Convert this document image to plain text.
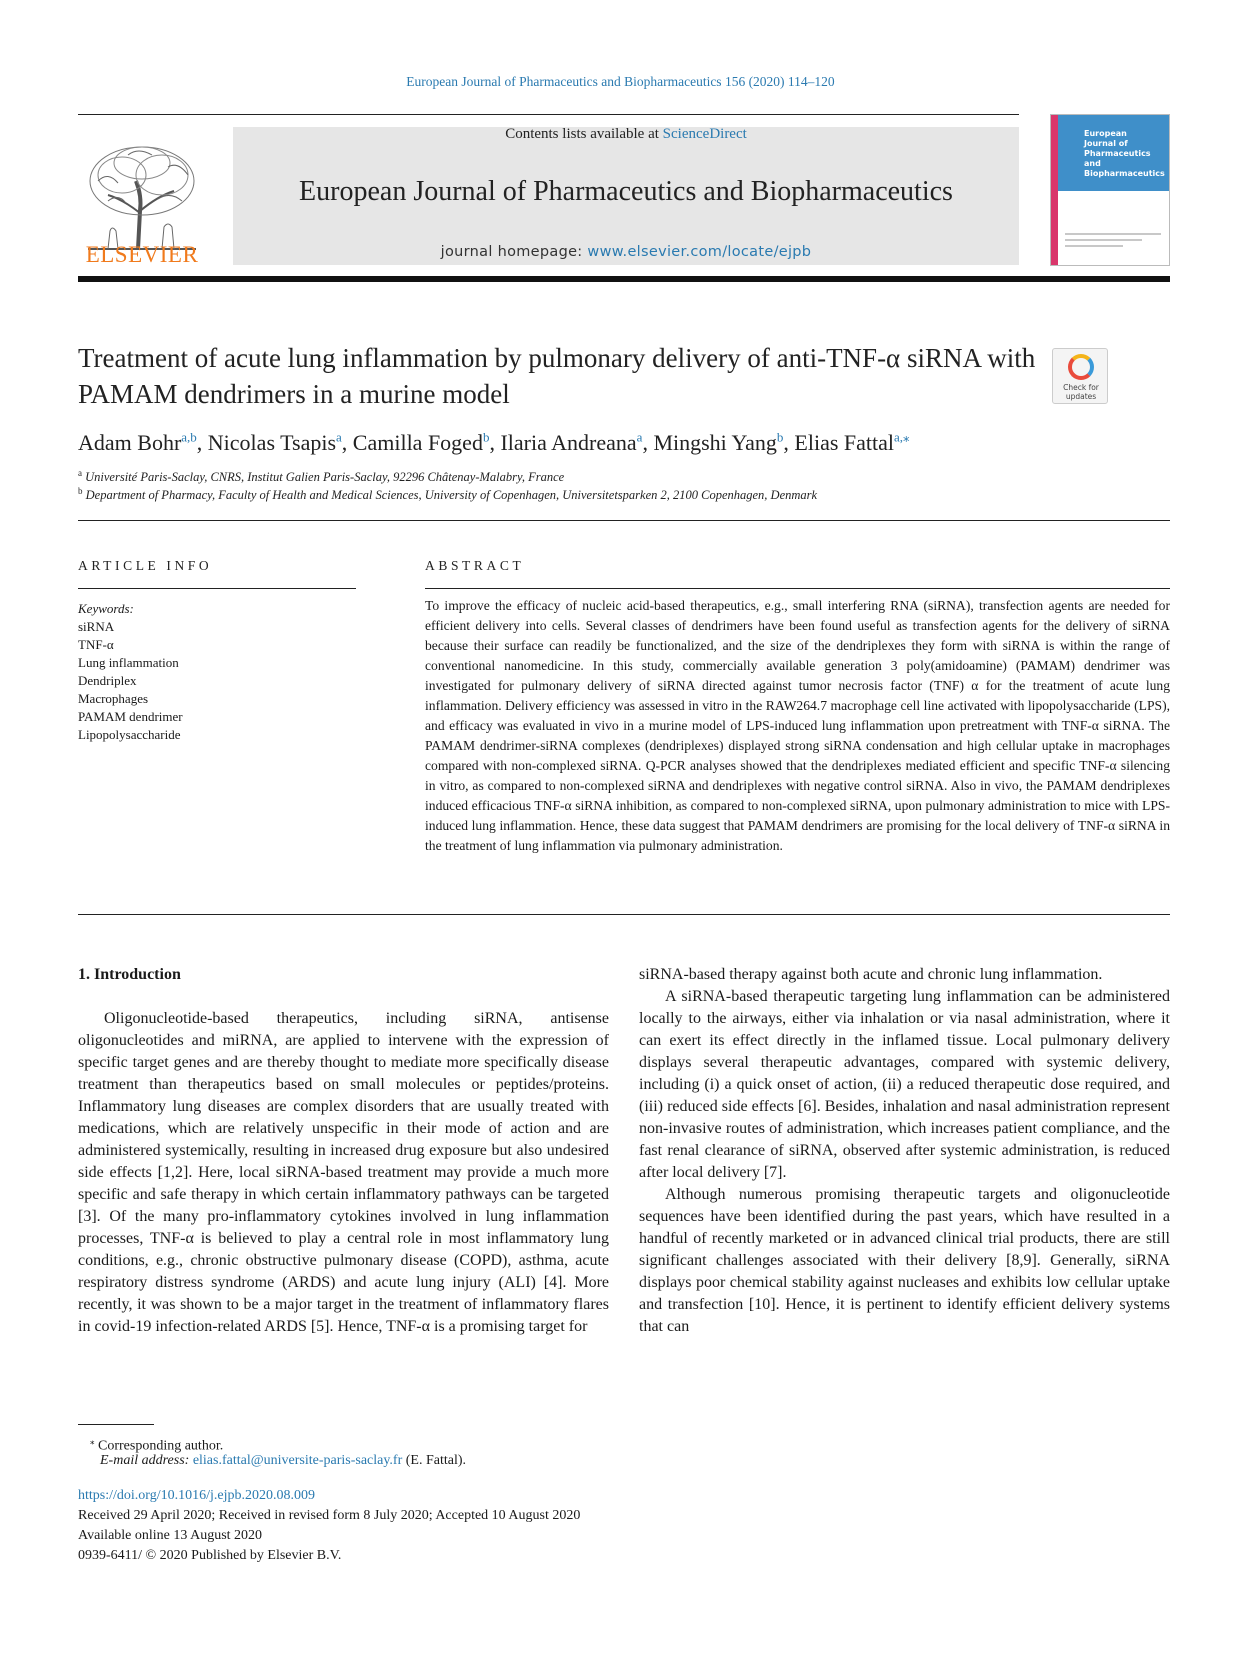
European Journal of Pharmaceutics and Biopharmaceutics 156 (2020) 114–120
ELSEVIER
Contents lists available at ScienceDirect
European Journal of Pharmaceutics and Biopharmaceutics
journal homepage: www.elsevier.com/locate/ejpb
European
Journal of
Pharmaceutics and
Biopharmaceutics
Treatment of acute lung inflammation by pulmonary delivery of anti-TNF-α siRNA with PAMAM dendrimers in a murine model	Check for
updates
Adam Bohr$^{a,b}$, Nicolas Tsapis$^a$, Camilla Foged$^b$, Ilaria Andreana$^a$, Mingshi Yang$^b$, Elias Fattal$^{a,⁎}$
$^a$ Université Paris-Saclay, CNRS, Institut Galien Paris-Saclay, 92296 Châtenay-Malabry, France
$^b$ Department of Pharmacy, Faculty of Health and Medical Sciences, University of Copenhagen, Universitetsparken 2, 2100 Copenhagen, Denmark
ARTICLE INFO	ABSTRACT
Keywords:
siRNA
TNF-α
Lung inflammation
Dendriplex
Macrophages
PAMAM dendrimer
Lipopolysaccharide

To improve the efficacy of nucleic acid-based therapeutics, e.g., small interfering RNA (siRNA), transfection agents are needed for efficient delivery into cells. Several classes of dendrimers have been found useful as transfection agents for the delivery of siRNA because their surface can readily be functionalized, and the size of the dendriplexes they form with siRNA is within the range of conventional nanomedicine. In this study, commercially available generation 3 poly(amidoamine) (PAMAM) dendrimer was investigated for pulmonary delivery of siRNA directed against tumor necrosis factor (TNF) α for the treatment of acute lung inflammation. Delivery efficiency was assessed in vitro in the RAW264.7 macrophage cell line activated with lipopolysaccharide (LPS), and efficacy was evaluated in vivo in a murine model of LPS-induced lung inflammation upon pretreatment with TNF-α siRNA. The PAMAM dendrimer-siRNA complexes (dendriplexes) displayed strong siRNA condensation and high cellular uptake in macrophages compared with non-complexed siRNA. Q-PCR analyses showed that the dendriplexes mediated efficient and specific TNF-α silencing in vitro, as compared to non-complexed siRNA and dendriplexes with negative control siRNA. Also in vivo, the PAMAM dendriplexes induced efficacious TNF-α siRNA inhibition, as compared to non-complexed siRNA, upon pulmonary administration to mice with LPS-induced lung inflammation. Hence, these data suggest that PAMAM dendrimers are promising for the local delivery of TNF-α siRNA in the treatment of lung inflammation via pulmonary administration.

1. Introduction

Oligonucleotide-based therapeutics, including siRNA, antisense oligonucleotides and miRNA, are applied to intervene with the expression of specific target genes and are thereby thought to mediate more specifically disease treatment than therapeutics based on small molecules or peptides/proteins. Inflammatory lung diseases are complex disorders that are usually treated with medications, which are relatively unspecific in their mode of action and are administered systemically, resulting in increased drug exposure but also undesired side effects [1,2]. Here, local siRNA-based treatment may provide a much more specific and safe therapy in which certain inflammatory pathways can be targeted [3]. Of the many pro-inflammatory cytokines involved in lung inflammation processes, TNF-α is believed to play a central role in most inflammatory lung conditions, e.g., chronic obstructive pulmonary disease (COPD), asthma, acute respiratory distress syndrome (ARDS) and acute lung injury (ALI) [4]. More recently, it was shown to be a major target in the treatment of inflammatory flares in covid-19 infection-related ARDS [5]. Hence, TNF-α is a promising target for

siRNA-based therapy against both acute and chronic lung inflammation.

A siRNA-based therapeutic targeting lung inflammation can be administered locally to the airways, either via inhalation or via nasal administration, where it can exert its effect directly in the inflamed tissue. Local pulmonary delivery displays several therapeutic advantages, compared with systemic delivery, including (i) a quick onset of action, (ii) a reduced therapeutic dose required, and (iii) reduced side effects [6]. Besides, inhalation and nasal administration represent non-invasive routes of administration, which increases patient compliance, and the fast renal clearance of siRNA, observed after systemic administration, is reduced after local delivery [7].

Although numerous promising therapeutic targets and oligonucleotide sequences have been identified during the past years, which have resulted in a handful of recently marketed or in advanced clinical trial products, there are still significant challenges associated with their delivery [8,9]. Generally, siRNA displays poor chemical stability against nucleases and exhibits low cellular uptake and transfection [10]. Hence, it is pertinent to identify efficient delivery systems that can

⁎ Corresponding author.
E-mail address: elias.fattal@universite-paris-saclay.fr (E. Fattal).
https://doi.org/10.1016/j.ejpb.2020.08.009
Received 29 April 2020; Received in revised form 8 July 2020; Accepted 10 August 2020
Available online 13 August 2020
0939-6411/ © 2020 Published by Elsevier B.V.
